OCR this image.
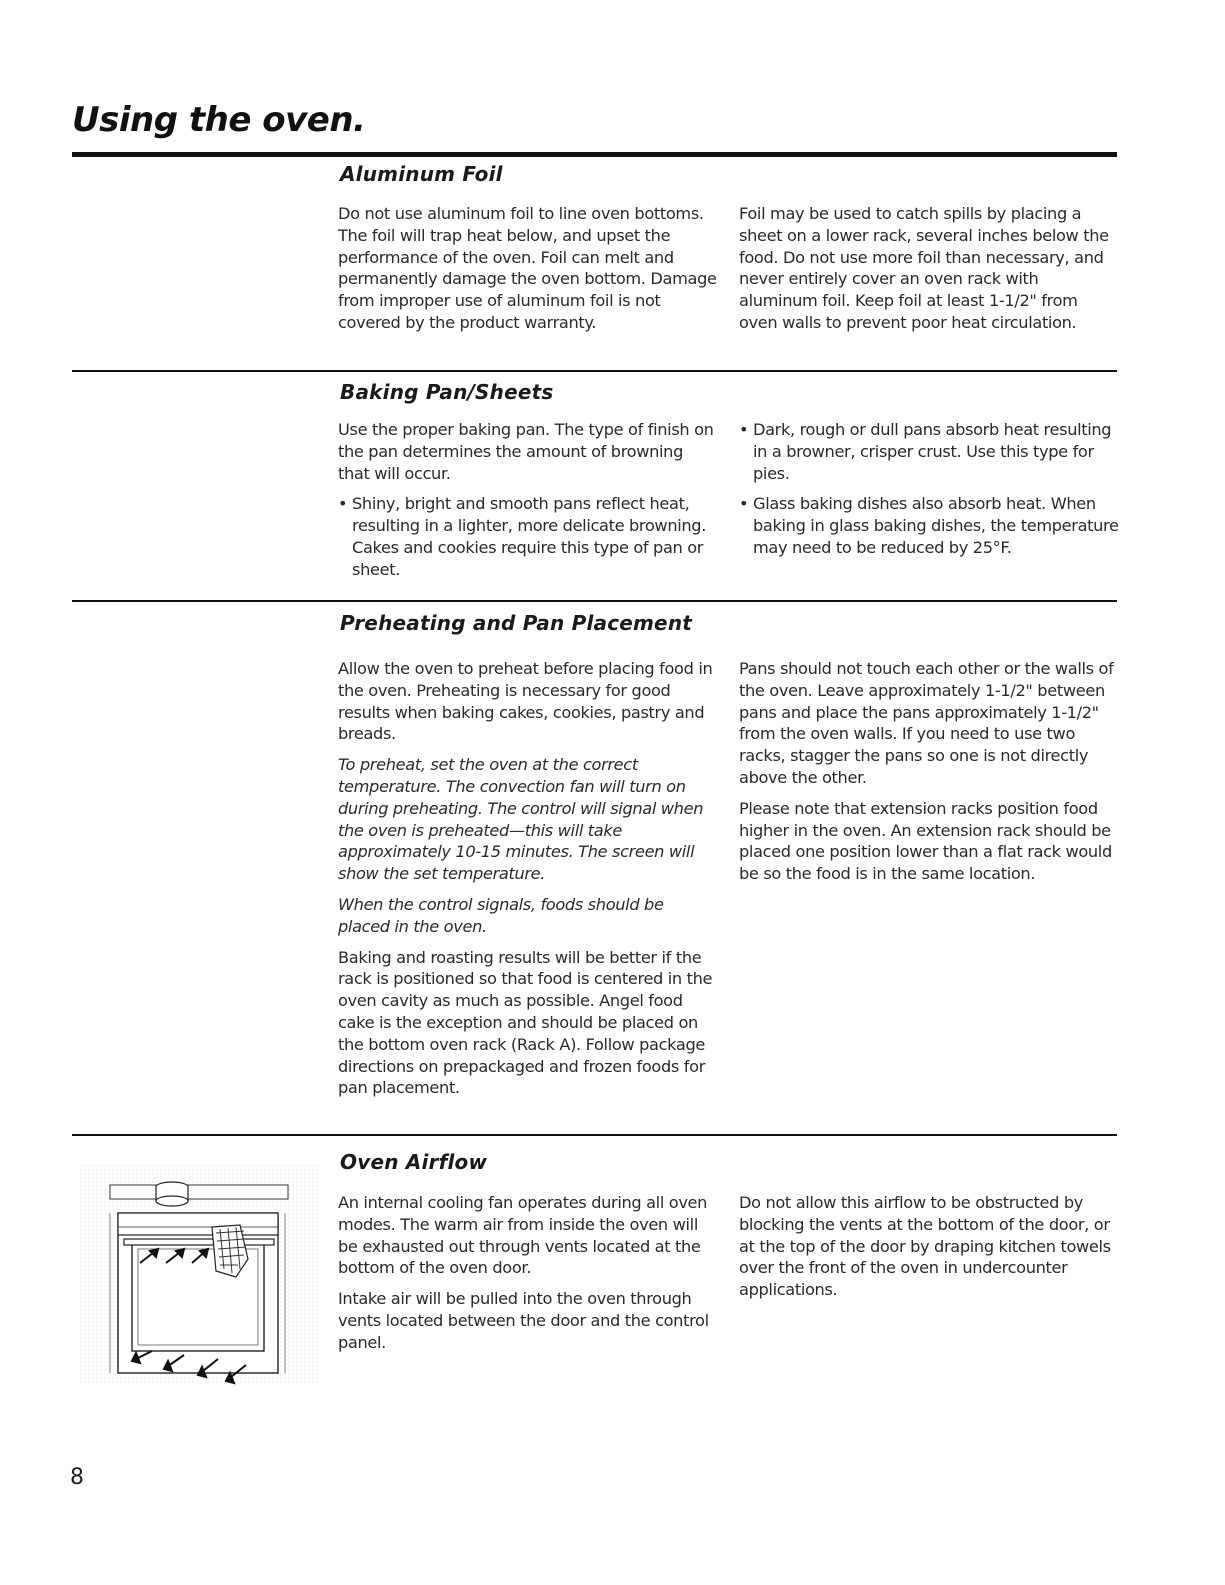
Using the oven.
Aluminum Foil

Do not use aluminum foil to line oven bottoms. The foil will trap heat below, and upset the performance of the oven. Foil can melt and permanently damage the oven bottom. Damage from improper use of aluminum foil is not covered by the product warranty.

Foil may be used to catch spills by placing a sheet on a lower rack, several inches below the food. Do not use more foil than necessary, and never entirely cover an oven rack with aluminum foil. Keep foil at least 1-1/2" from oven walls to prevent poor heat circulation.

Baking Pan/Sheets

Use the proper baking pan. The type of finish on the pan determines the amount of browning that will occur.

• Shiny, bright and smooth pans reflect heat, resulting in a lighter, more delicate browning. Cakes and cookies require this type of pan or sheet.
• Dark, rough or dull pans absorb heat resulting in a browner, crisper crust. Use this type for pies.
• Glass baking dishes also absorb heat. When baking in glass baking dishes, the temperature may need to be reduced by 25°F.
Preheating and Pan Placement

Allow the oven to preheat before placing food in the oven. Preheating is necessary for good results when baking cakes, cookies, pastry and breads.

To preheat, set the oven at the correct temperature. The convection fan will turn on during preheating. The control will signal when the oven is preheated—this will take approximately 10-15 minutes. The screen will show the set temperature.

When the control signals, foods should be placed in the oven.

Baking and roasting results will be better if the rack is positioned so that food is centered in the oven cavity as much as possible. Angel food cake is the exception and should be placed on the bottom oven rack (Rack A). Follow package directions on prepackaged and frozen foods for pan placement.

Pans should not touch each other or the walls of the oven. Leave approximately 1-1/2" between pans and place the pans approximately 1-1/2" from the oven walls. If you need to use two racks, stagger the pans so one is not directly above the other.

Please note that extension racks position food higher in the oven. An extension rack should be placed one position lower than a flat rack would be so the food is in the same location.

Oven Airflow

An internal cooling fan operates during all oven modes. The warm air from inside the oven will be exhausted out through vents located at the bottom of the oven door.

Intake air will be pulled into the oven through vents located between the door and the control panel.

Do not allow this airflow to be obstructed by blocking the vents at the bottom of the door, or at the top of the door by draping kitchen towels over the front of the oven in undercounter applications.

8
